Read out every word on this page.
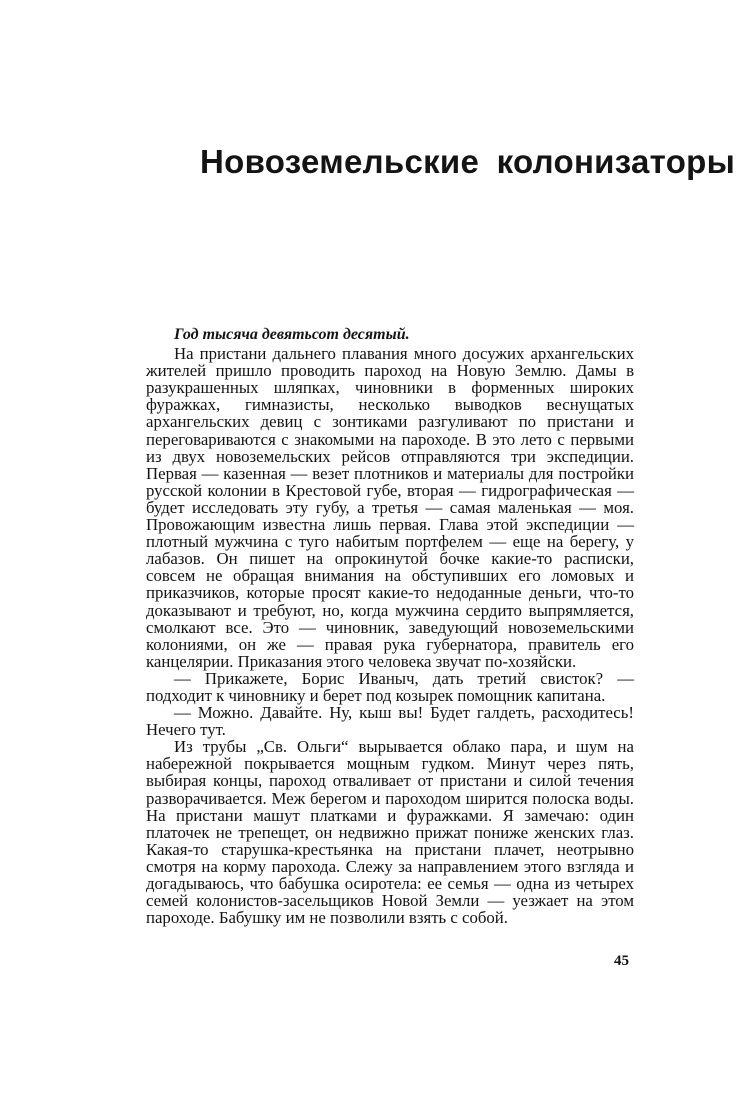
Новоземельские колонизаторы

Год тысяча девятьсот десятый.

На пристани дальнего плавания много досужих архангельских жителей пришло проводить пароход на Новую Землю. Дамы в разукрашенных шляпках, чиновники в форменных широких фуражках, гимназисты, несколько выводков веснущатых архангельских девиц с зонтиками разгуливают по пристани и переговариваются с знакомыми на пароходе. В это лето с первыми из двух новоземельских рейсов отправляются три экспедиции. Первая — казенная — везет плотников и материалы для постройки русской колонии в Крестовой губе, вторая — гидрографическая — будет исследовать эту губу, а третья — самая маленькая — моя. Провожающим известна лишь первая. Глава этой экспедиции — плотный мужчина с туго набитым портфелем — еще на берегу, у лабазов. Он пишет на опрокинутой бочке какие-то расписки, совсем не обращая внимания на обступивших его ломовых и приказчиков, которые просят какие-то недоданные деньги, что-то доказывают и требуют, но, когда мужчина сердито выпрямляется, смолкают все. Это — чиновник, заведующий новоземельскими колониями, он же — правая рука губернатора, правитель его канцелярии. Приказания этого человека звучат по-хозяйски.

— Прикажете, Борис Иваныч, дать третий свисток? — подходит к чиновнику и берет под козырек помощник капитана.

— Можно. Давайте. Ну, кыш вы! Будет галдеть, расходитесь! Нечего тут.

Из трубы „Св. Ольги“ вырывается облако пара, и шум на набережной покрывается мощным гудком. Минут через пять, выбирая концы, пароход отваливает от пристани и силой течения разворачивается. Меж берегом и пароходом ширится полоска воды. На пристани машут платками и фуражками. Я замечаю: один платочек не трепещет, он недвижно прижат пониже женских глаз. Какая-то старушка-крестьянка на пристани плачет, неотрывно смотря на корму парохода. Слежу за направлением этого взгляда и догадываюсь, что бабушка осиротела: ее семья — одна из четырех семей колонистов-засельщиков Новой Земли — уезжает на этом пароходе. Бабушку им не позволили взять с собой.

45
